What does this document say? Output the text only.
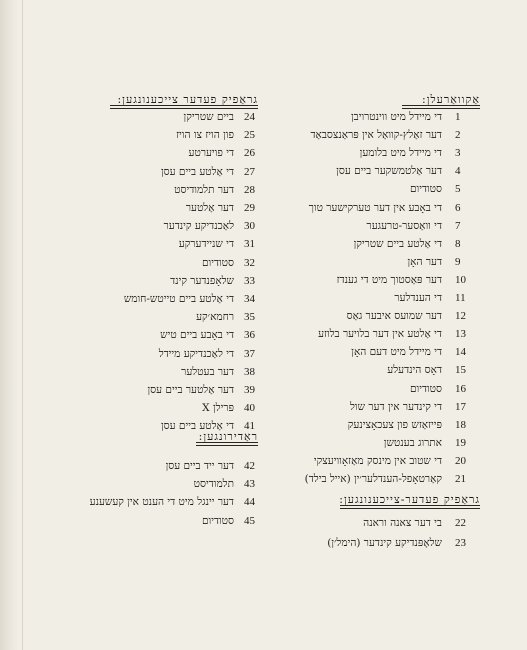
אַקוואַרעלן:
די מיידל מיט ווינטרויבן 1
דער זאַלץ-קוואַל אין פּראַנצסבאַד 2
די מיידל מיט בלומען 3
דער אַלטמשקער ביים עסן 4
סטודיום 5
די באָבע אין דער טערקישער טוך 6
די וואַסער-טרעגער 7
די אַלטע ביים שטריקן 8
דער האָן 9
דער פּאַסטוך מיט די גענדז 10
די הענדלער 11
דער שמועס איבער גאַס 12
די אַלטע אין דער בלויער בלוזע 13
די מיידל מיט דעם האָן 14
דאָס הינדעלע 15
סטודיום 16
די קינדער אין דער שול 17
פּייזאַזש פון צעכאָצינעק 18
אתרוג בענטשן 19
די שטוב אין מינסק מאַזאָוויעצקי 20
קאַרטאָפל-הענדלער׳ין (אייל בילד) 21
גראַפיק פעדער-צייכענונגען:
בי דער צאנה וראנה 22
שלאָפּנדיקע קינדער (הימל׳ן) 23
גראַפיק פעדער צייכענונגען:
ביים שטריקן 24
פון הויז צו הויז 25
די פויערטע 26
די אַלטע ביים עסן 27
דער תלמודיסט 28
דער אַלטער 29
לאַכנדיקע קינדער 30
די שניידערקע 31
סטודיום 32
שלאָפנדער קינד 33
די אַלטע ביים טייטש-חומש 34
רחמא׳קע 35
די באָבע ביים טיש 36
די לאַכנדיקע מיידל 37
דער בעטלער 38
דער אַלטער ביים עסן 39
פּרילן X 40
די אַלטע ביים עסן 41
ראַדירונגען:
דער ייד ביים עסן 42
תלמודיסט 43
דער יינגל מיט די הענט אין קעשענע 44
סטודיום 45
